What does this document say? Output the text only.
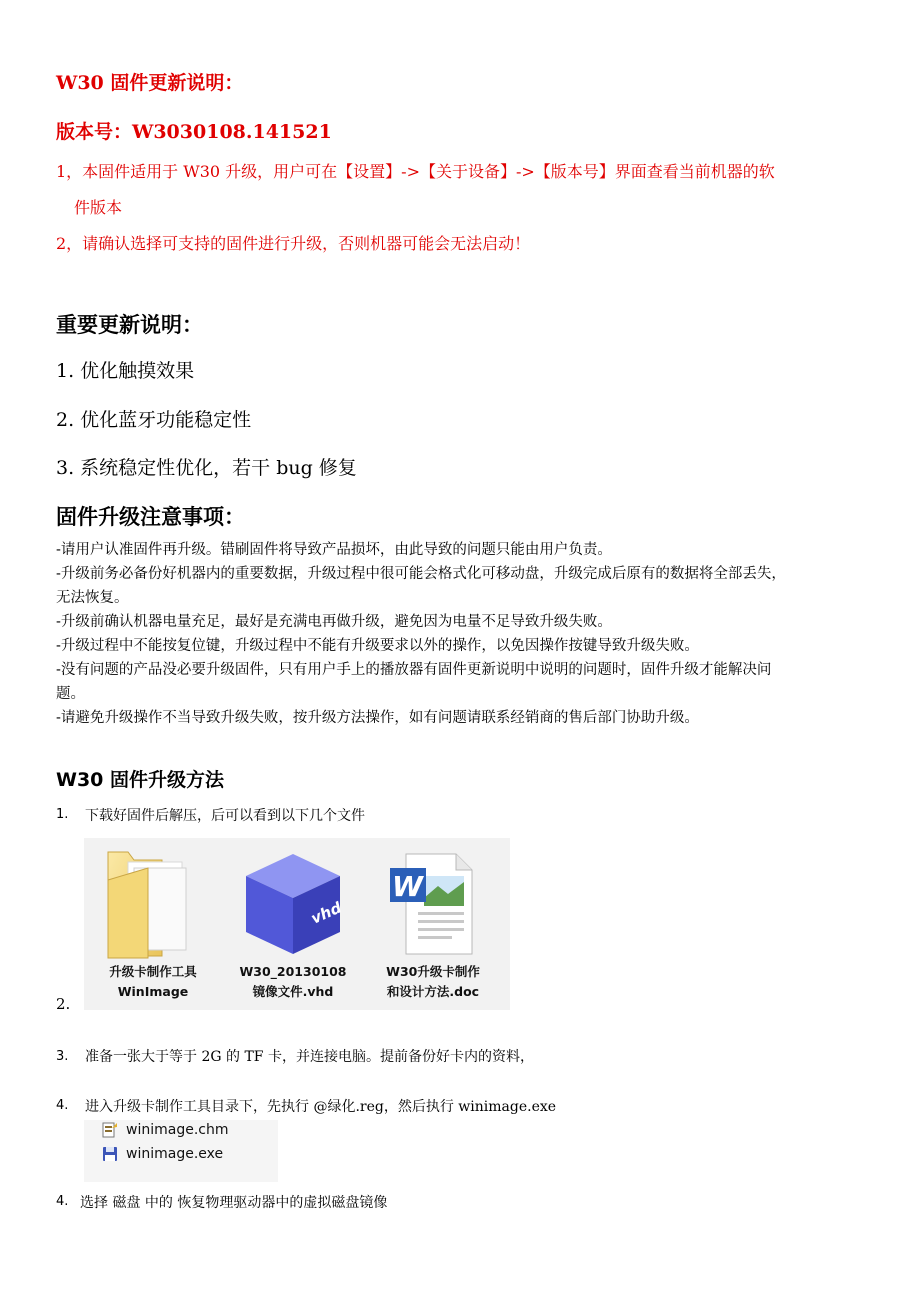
W30 固件更新说明：
版本号：W3030108.141521
1，本固件适用于 W30 升级，用户可在【设置】->【关于设备】->【版本号】界面查看当前机器的软
件版本
2，请确认选择可支持的固件进行升级，否则机器可能会无法启动！
重要更新说明：
1. 优化触摸效果
2. 优化蓝牙功能稳定性
3. 系统稳定性优化，若干 bug 修复
固件升级注意事项：
-请用户认准固件再升级。错刷固件将导致产品损坏，由此导致的问题只能由用户负责。
-升级前务必备份好机器内的重要数据，升级过程中很可能会格式化可移动盘，升级完成后原有的数据将全部丢失，
无法恢复。
-升级前确认机器电量充足，最好是充满电再做升级，避免因为电量不足导致升级失败。
-升级过程中不能按复位键，升级过程中不能有升级要求以外的操作，以免因操作按键导致升级失败。
-没有问题的产品没必要升级固件，只有用户手上的播放器有固件更新说明中说明的问题时，固件升级才能解决问
题。
-请避免升级操作不当导致升级失败，按升级方法操作，如有问题请联系经销商的售后部门协助升级。
W30 固件升级方法
1. 下载好固件后解压，后可以看到以下几个文件
升级卡制作工具
WinImage
vhd
W30_20130108
镜像文件.vhd
W
W30升级卡制作
和设计方法.doc
2.
3. 准备一张大于等于 2G 的 TF 卡，并连接电脑。提前备份好卡内的资料，
4. 进入升级卡制作工具目录下，先执行 @绿化.reg，然后执行 winimage.exe
winimage.chm
winimage.exe
4. 选择 磁盘 中的 恢复物理驱动器中的虚拟磁盘镜像
